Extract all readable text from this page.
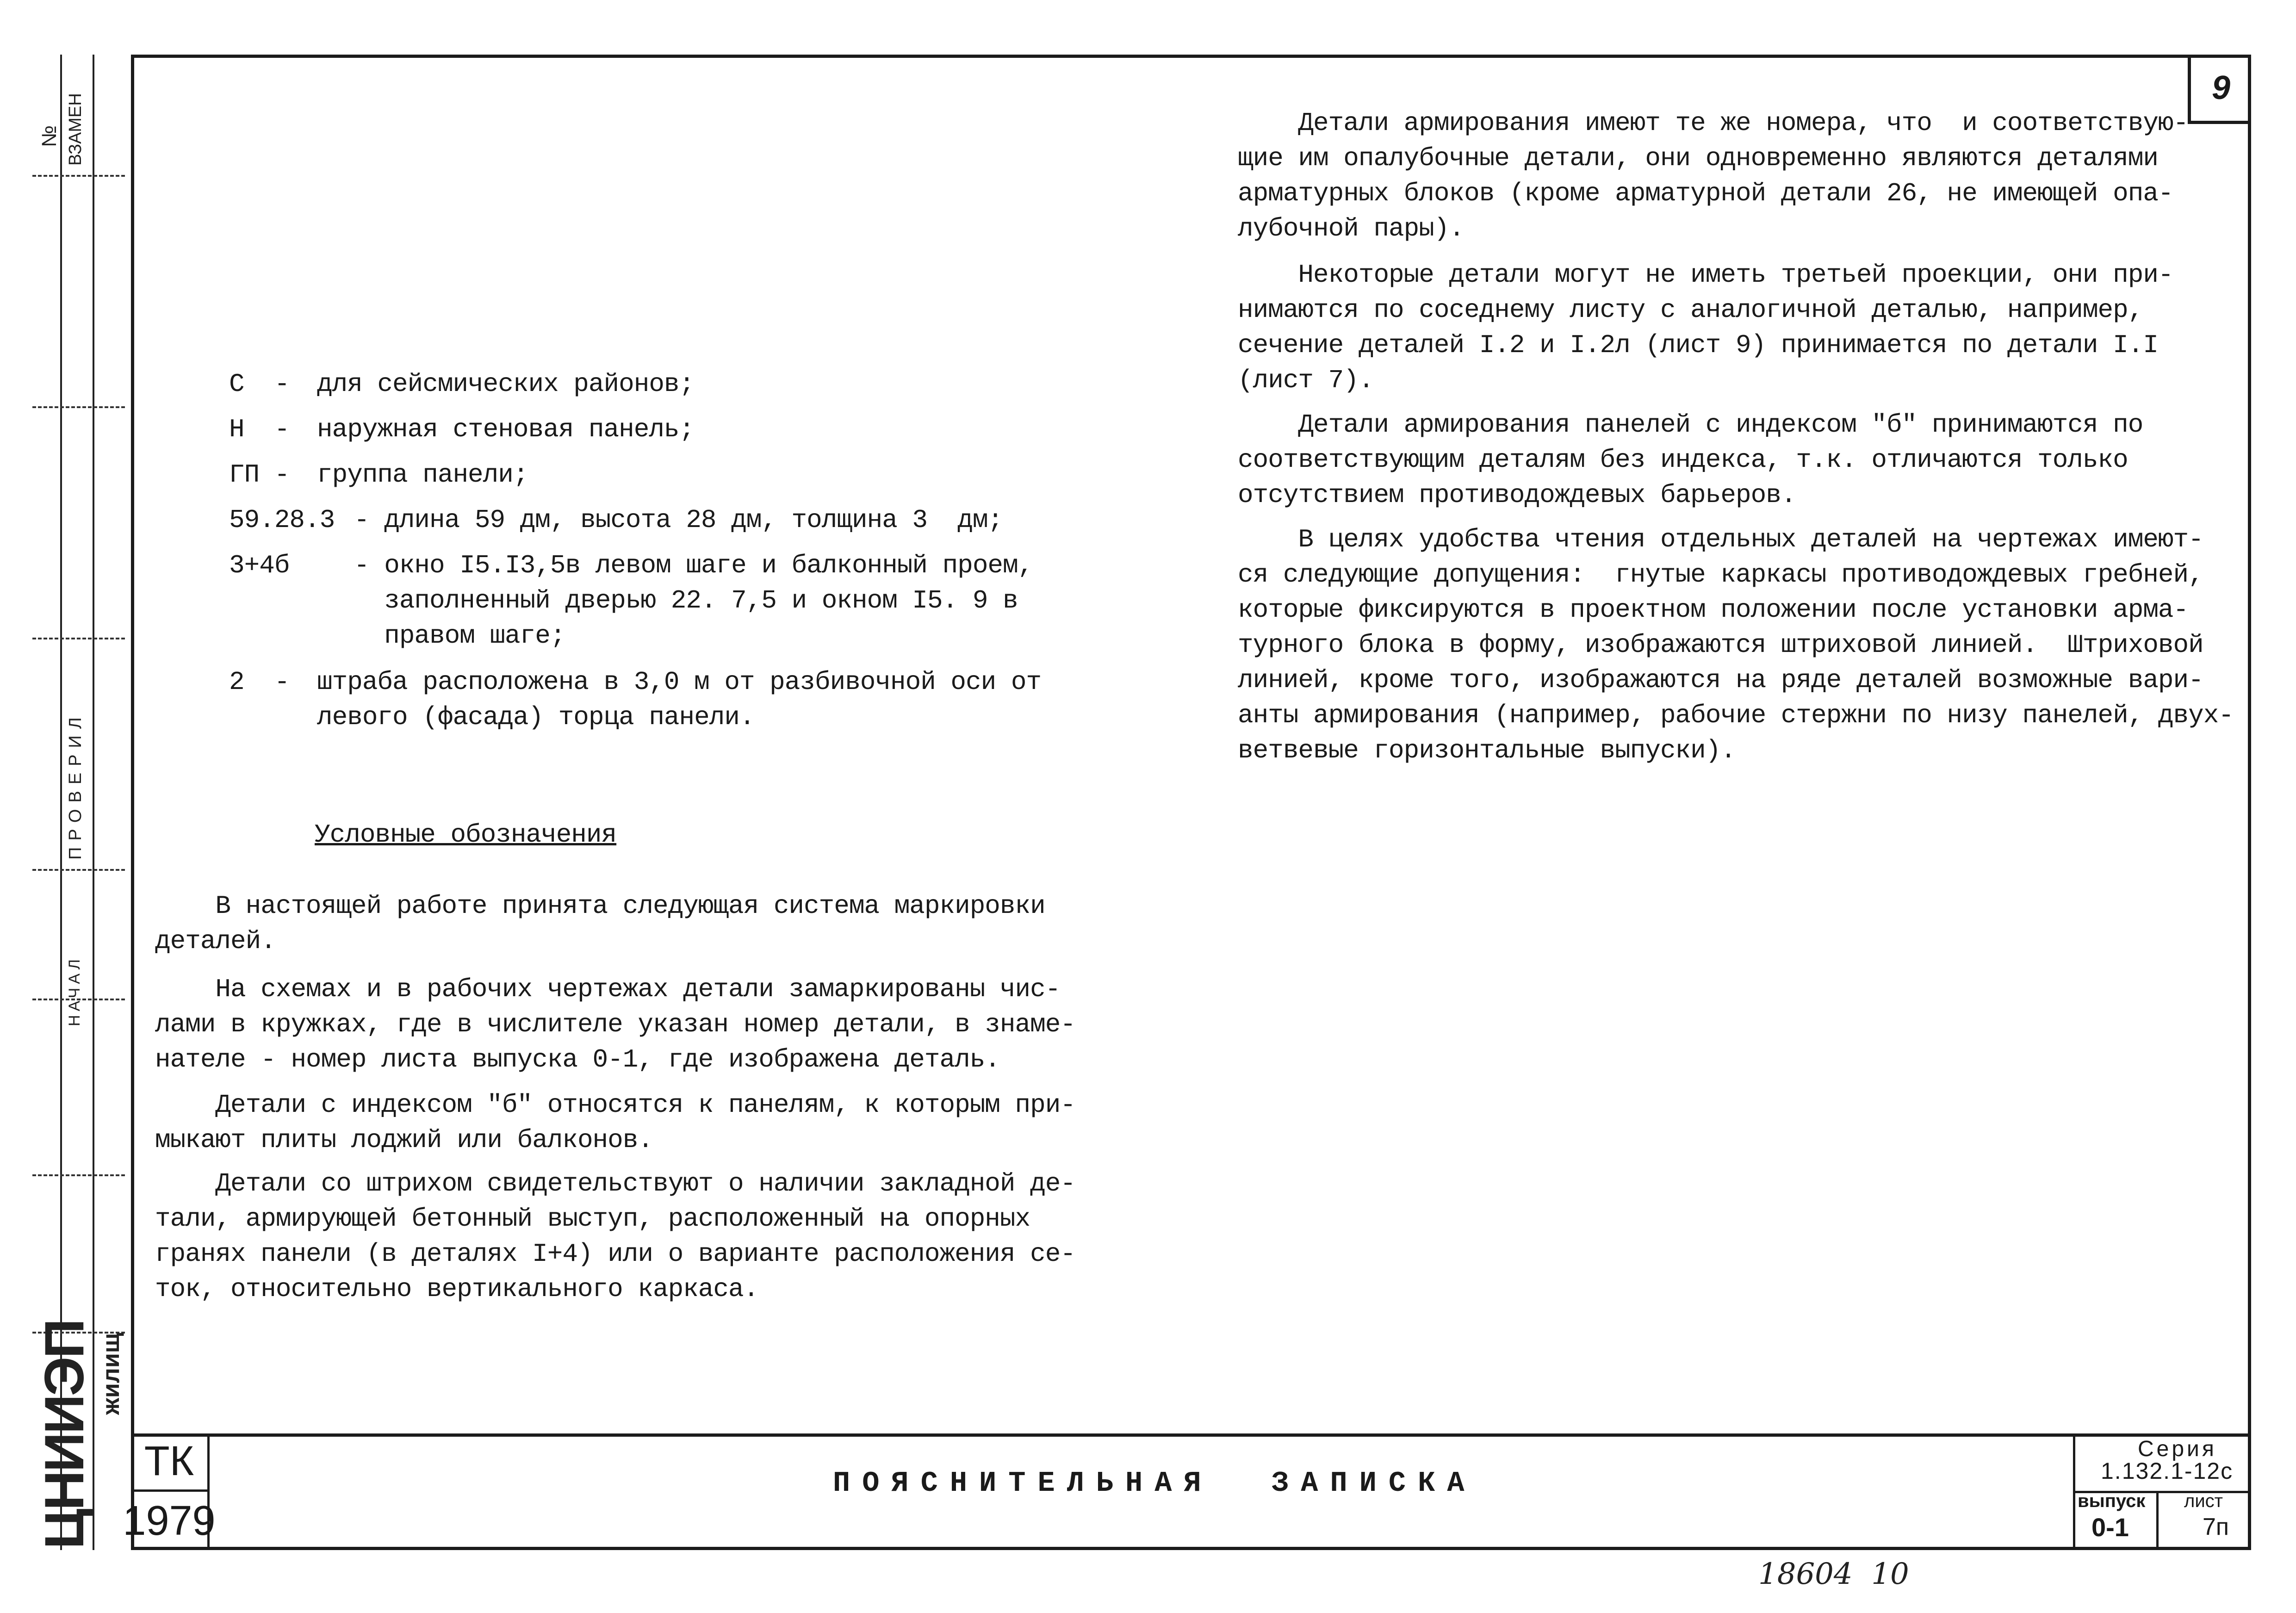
ВЗАМЕН
№
ПРОВЕРИЛ
НАЧАЛ
ЦНИИЭП жилищ
9
С  - для сейсмических районов;
Н  - наружная стеновая панель;
ГП - группа панели;
59.28.3 - длина 59 дм, высота 28 дм, толщина 3  дм;
3+4б - окно I5.I3,5в левом шаге и балконный проем,
заполненный дверью 22. 7,5 и окном I5. 9 в
правом шаге;
2  - штраба расположена в 3,0 м от разбивочной оси от
левого (фасада) торца панели.
Условные обозначения
В настоящей работе принята следующая система маркировки
деталей.
На схемах и в рабочих чертежах детали замаркированы чис-
лами в кружках, где в числителе указан номер детали, в знаме-
нателе - номер листа выпуска 0-1, где изображена деталь.
Детали с индексом "б" относятся к панелям, к которым при-
мыкают плиты лоджий или балконов.
Детали со штрихом свидетельствуют о наличии закладной де-
тали, армирующей бетонный выступ, расположенный на опорных
гранях панели (в деталях I+4) или о варианте расположения се-
ток, относительно вертикального каркаса.
Детали армирования имеют те же номера, что  и соответствую-
щие им опалубочные детали, они одновременно являются деталями
арматурных блоков (кроме арматурной детали 26, не имеющей опа-
лубочной пары).
Некоторые детали могут не иметь третьей проекции, они при-
нимаются по соседнему листу с аналогичной деталью, например,
сечение деталей I.2 и I.2л (лист 9) принимается по детали I.I
(лист 7).
Детали армирования панелей с индексом "б" принимаются по
соответствующим деталям без индекса, т.к. отличаются только
отсутствием противодождевых барьеров.
В целях удобства чтения отдельных деталей на чертежах имеют-
ся следующие допущения:  гнутые каркасы противодождевых гребней,
которые фиксируются в проектном положении после установки арма-
турного блока в форму, изображаются штриховой линией.  Штриховой
линией, кроме того, изображаются на ряде деталей возможные вари-
анты армирования (например, рабочие стержни по низу панелей, двух-
ветвевые горизонтальные выпуски).
ТК
1979
ПОЯСНИТЕЛЬНАЯ  ЗАПИСКА
Серия
1.132.1-12с
выпуск
0-1
лист
7п
18604  10
